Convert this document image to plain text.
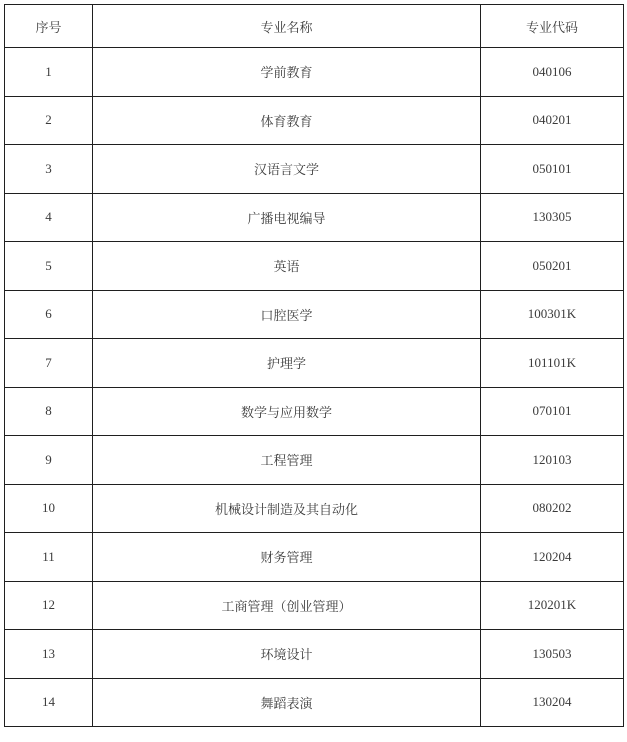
序号	专业名称	专业代码
1	学前教育	040106
2	体育教育	040201
3	汉语言文学	050101
4	广播电视编导	130305
5	英语	050201
6	口腔医学	100301K
7	护理学	101101K
8	数学与应用数学	070101
9	工程管理	120103
10	机械设计制造及其自动化	080202
11	财务管理	120204
12	工商管理（创业管理）	120201K
13	环境设计	130503
14	舞蹈表演	130204
